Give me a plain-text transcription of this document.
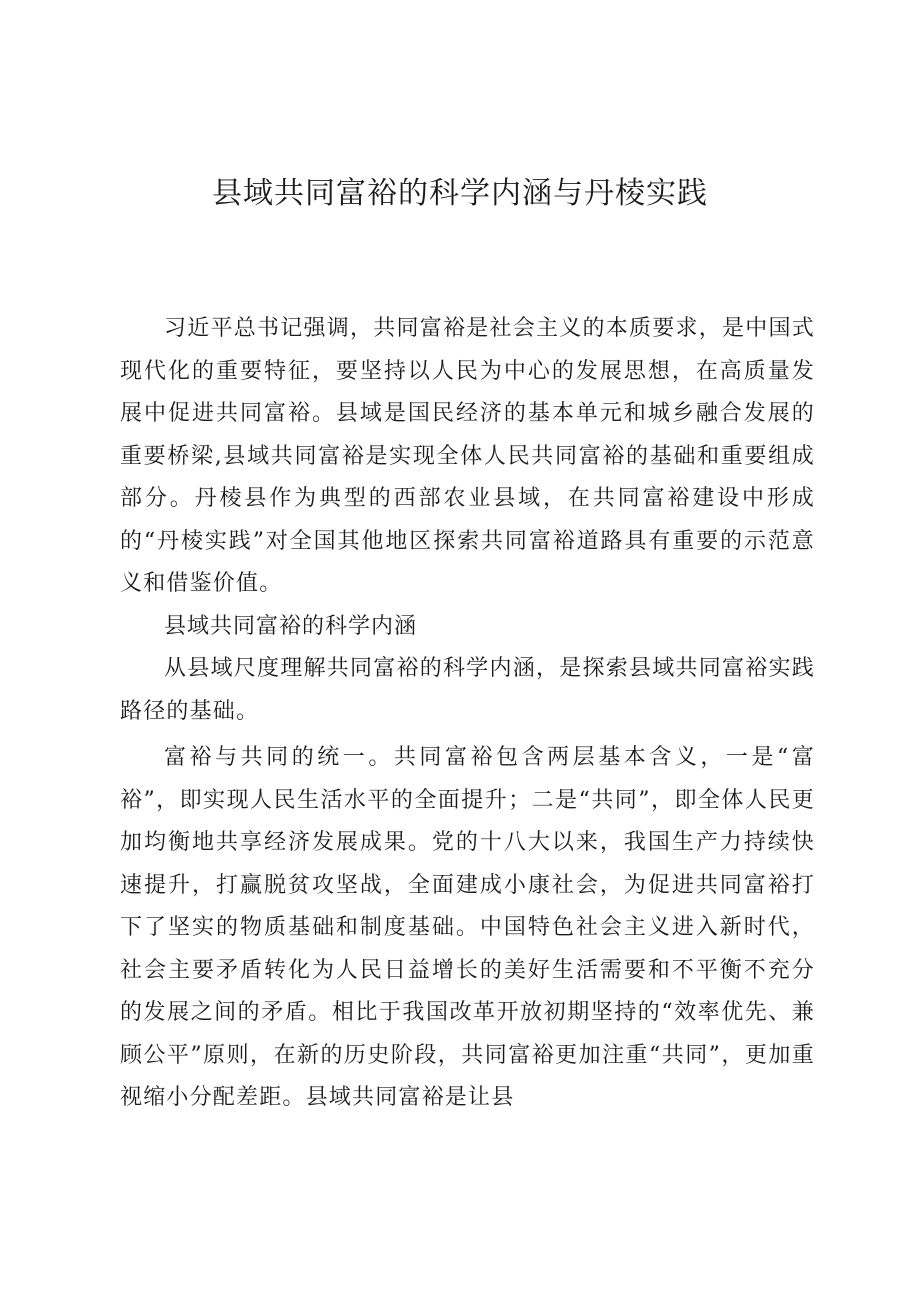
县域共同富裕的科学内涵与丹棱实践

习近平总书记强调，共同富裕是社会主义的本质要求，是中国式现代化的重要特征，要坚持以人民为中心的发展思想，在高质量发展中促进共同富裕。县域是国民经济的基本单元和城乡融合发展的重要桥梁,县域共同富裕是实现全体人民共同富裕的基础和重要组成部分。丹棱县作为典型的西部农业县域，在共同富裕建设中形成的“丹棱实践”对全国其他地区探索共同富裕道路具有重要的示范意义和借鉴价值。

县域共同富裕的科学内涵

从县域尺度理解共同富裕的科学内涵，是探索县域共同富裕实践路径的基础。

富裕与共同的统一。共同富裕包含两层基本含义，一是“富裕”，即实现人民生活水平的全面提升；二是“共同”，即全体人民更加均衡地共享经济发展成果。党的十八大以来，我国生产力持续快速提升，打赢脱贫攻坚战，全面建成小康社会，为促进共同富裕打下了坚实的物质基础和制度基础。中国特色社会主义进入新时代，社会主要矛盾转化为人民日益增长的美好生活需要和不平衡不充分的发展之间的矛盾。相比于我国改革开放初期坚持的“效率优先、兼顾公平”原则，在新的历史阶段，共同富裕更加注重“共同”，更加重视缩小分配差距。县域共同富裕是让县
